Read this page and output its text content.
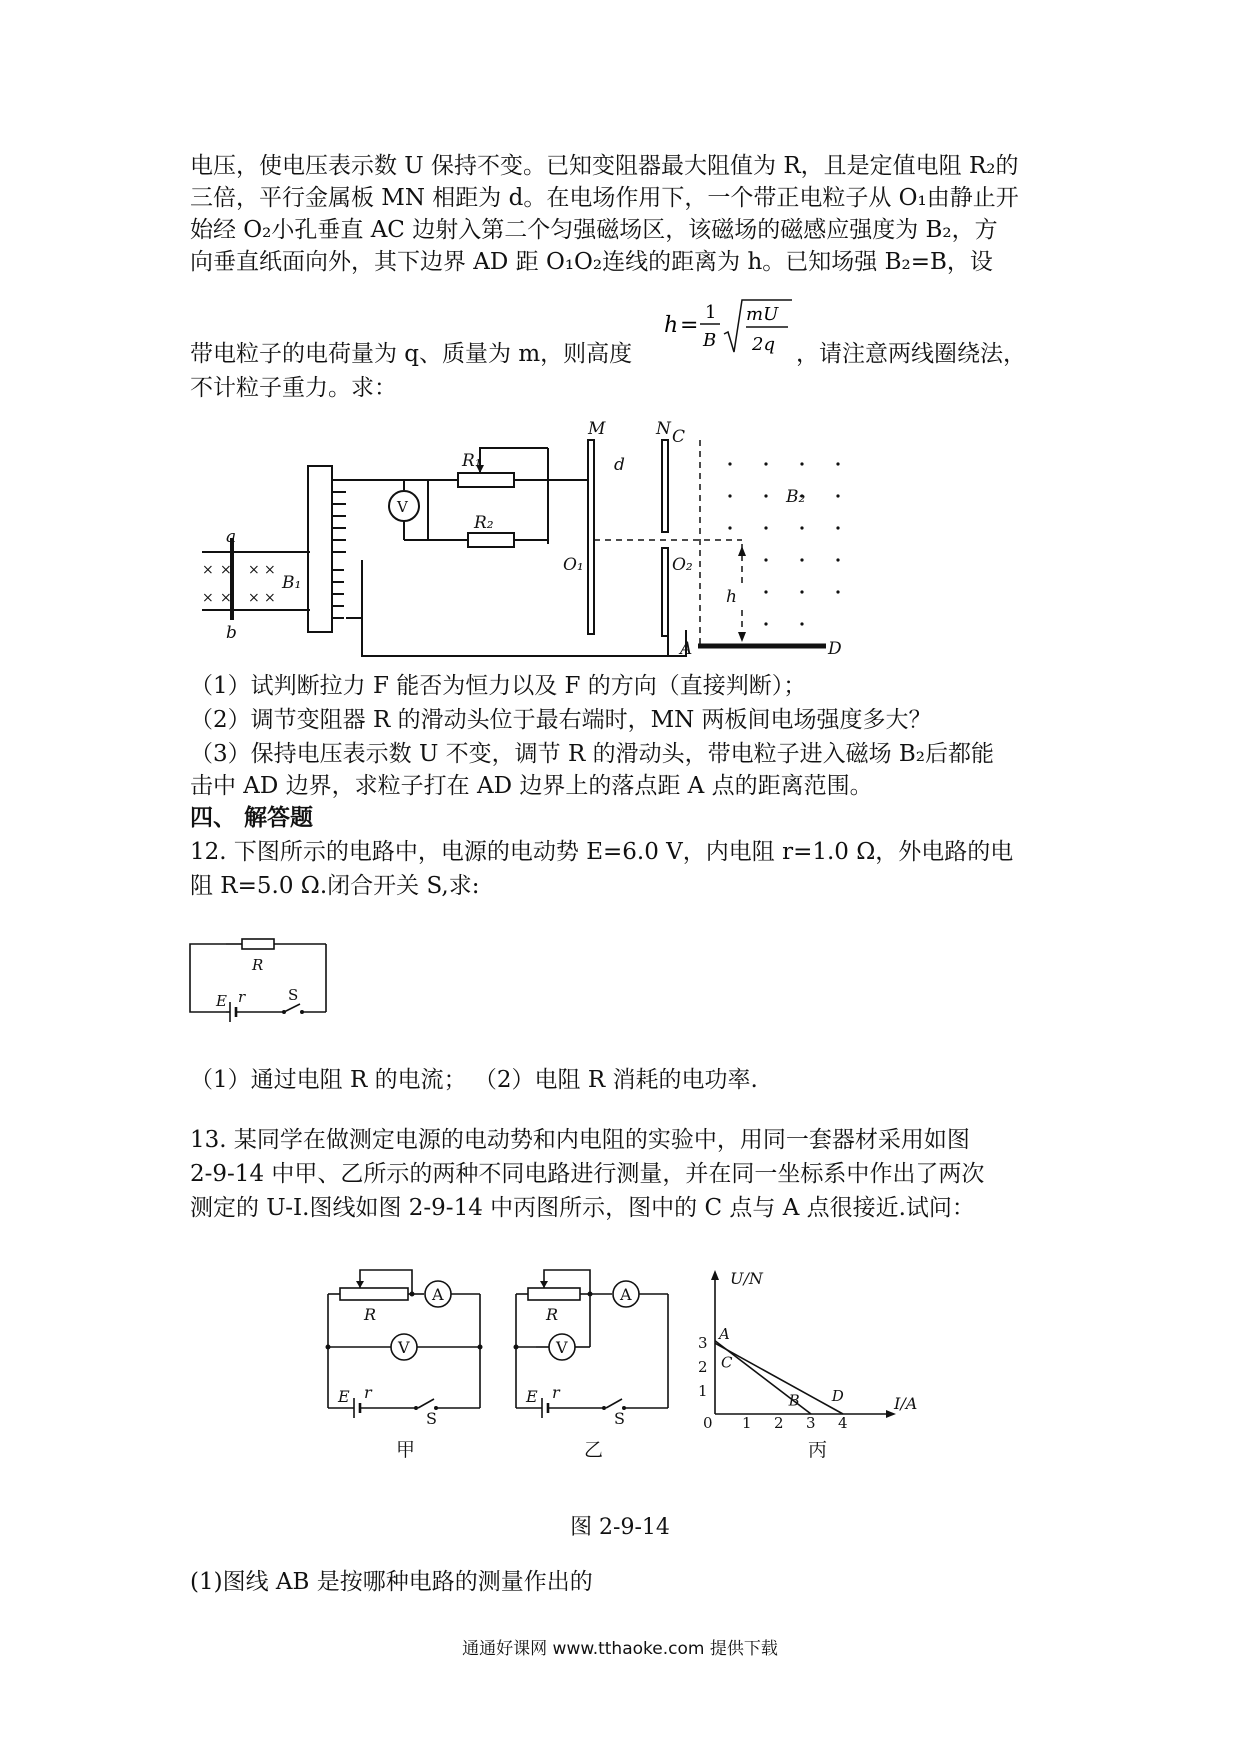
电压，使电压表示数 U 保持不变。已知变阻器最大阻值为 R，且是定值电阻 R₂的
三倍，平行金属板 MN 相距为 d。在电场作用下，一个带正电粒子从 O₁由静止开
始经 O₂小孔垂直 AC 边射入第二个匀强磁场区，该磁场的磁感应强度为 B₂，方
向垂直纸面向外，其下边界 AD 距 O₁O₂连线的距离为 h。已知场强 B₂=B，设
带电粒子的电荷量为 q、质量为 m，则高度	，请注意两线圈绕法，
h =
1
B
mU
2q
不计粒子重力。求：
a
b
B₁
R₁
R₂
V
M	N C
d
O₁	O₂
h
A	D
B₂
× × × ×
× × × ×
（1）试判断拉力 F 能否为恒力以及 F 的方向（直接判断）；
（2）调节变阻器 R 的滑动头位于最右端时，MN 两板间电场强度多大？
（3）保持电压表示数 U 不变，调节 R 的滑动头，带电粒子进入磁场 B₂后都能
击中 AD 边界，求粒子打在 AD 边界上的落点距 A 点的距离范围。
四、 解答题
12. 下图所示的电路中，电源的电动势 E=6.0 V，内电阻 r=1.0 Ω，外电路的电
阻 R=5.0 Ω.闭合开关 S,求:
R
E r	S
（1）通过电阻 R 的电流； （2）电阻 R 消耗的电功率.
13. 某同学在做测定电源的电动势和内电阻的实验中，用同一套器材采用如图
2-9-14 中甲、乙所示的两种不同电路进行测量，并在同一坐标系中作出了两次
测定的 U-I.图线如图 2-9-14 中丙图所示，图中的 C 点与 A 点很接近.试问：
R
A
V
E r
S
甲
R
A
V
E r
S
乙
U/N
I/A
0 1 2 3 4
1
2
3
A
C
B D
丙
图 2-9-14
(1)图线 AB 是按哪种电路的测量作出的
通通好课网 www.tthaoke.com 提供下载
